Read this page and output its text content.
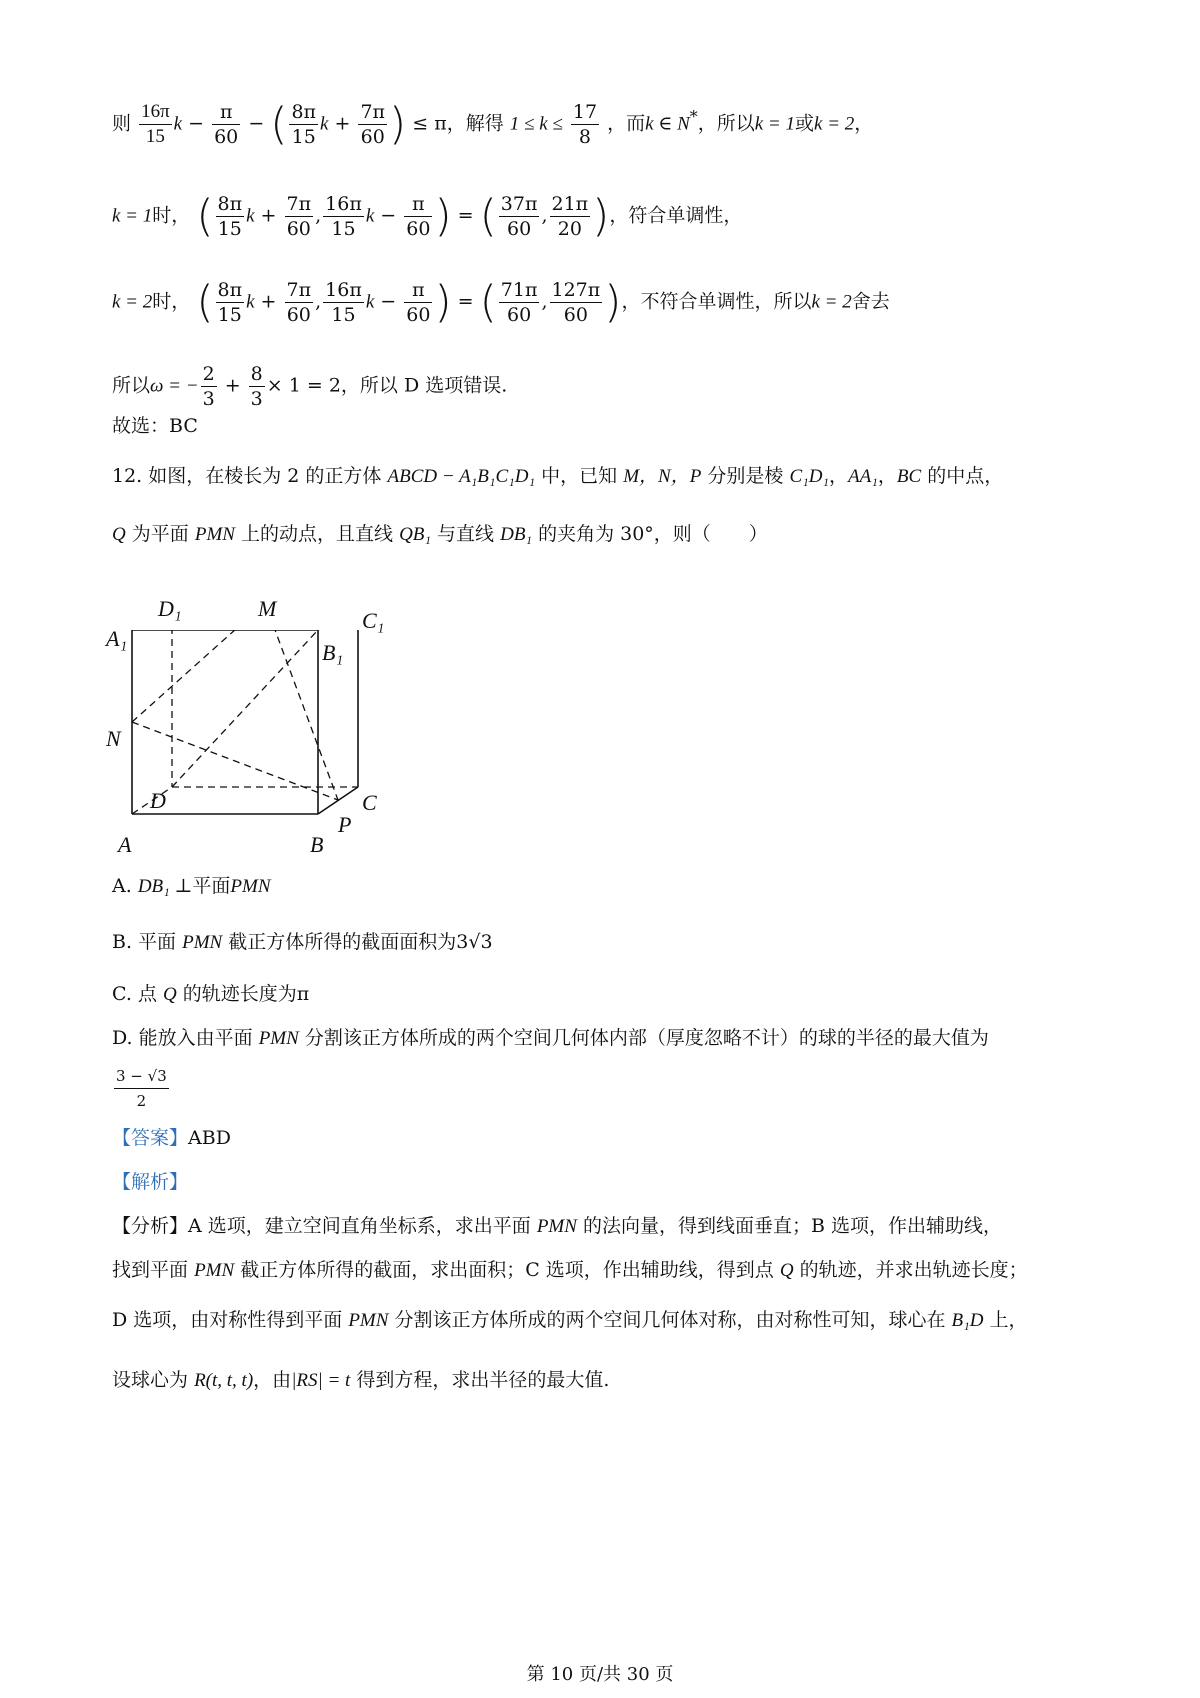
则 $\frac{16\pi}{15}$ $k - \frac{\pi}{60}$ − ( $\frac{8\pi}{15}$ $k + \frac{7\pi}{60}$ ) ≤ π，解得 $1 \le k \le \frac{17}{8}$ ，而k ∈ N*，所以k = 1或k = 2，
k = 1时， ( $\frac{8\pi}{15}$ $k + \frac{7\pi}{60}$ , $\frac{16\pi}{15}$ $k - \frac{\pi}{60}$ ) = ( $\frac{37\pi}{60}$ , $\frac{21\pi}{20}$ )，符合单调性，
k = 2时， ( $\frac{8\pi}{15}$ $k + \frac{7\pi}{60}$ , $\frac{16\pi}{15}$ $k - \frac{\pi}{60}$ ) = ( $\frac{71\pi}{60}$ , $\frac{127\pi}{60}$ )，不符合单调性，所以k = 2舍去
所以ω = − $\frac{2}{3} + \frac{8}{3} \times 1 = 2$，所以 D 选项错误.
故选：BC
12. 如图，在棱长为 2 的正方体 ABCD − A₁B₁C₁D₁ 中，已知 M，N，P 分别是棱 C₁D₁，AA₁，BC 的中点，
Q 为平面 PMN 上的动点，且直线 QB₁ 与直线 DB₁ 的夹角为 30°，则（　　）
D₁	M	C₁
A₁
B₁
N
D	C
P
A	B
A. DB₁ ⊥平面PMN
B. 平面 PMN 截正方体所得的截面面积为3√3
C. 点 Q 的轨迹长度为π
D. 能放入由平面 PMN 分割该正方体所成的两个空间几何体内部（厚度忽略不计）的球的半径的最大值为
$\frac{3 - √3}{2}$
【答案】ABD
【解析】
【分析】A 选项，建立空间直角坐标系，求出平面 PMN 的法向量，得到线面垂直；B 选项，作出辅助线，
找到平面 PMN 截正方体所得的截面，求出面积；C 选项，作出辅助线，得到点 Q 的轨迹，并求出轨迹长度；
D 选项，由对称性得到平面 PMN 分割该正方体所成的两个空间几何体对称，由对称性可知，球心在 B₁D 上，
设球心为 R(t, t, t)，由|RS| = t 得到方程，求出半径的最大值.
第 10 页/共 30 页
